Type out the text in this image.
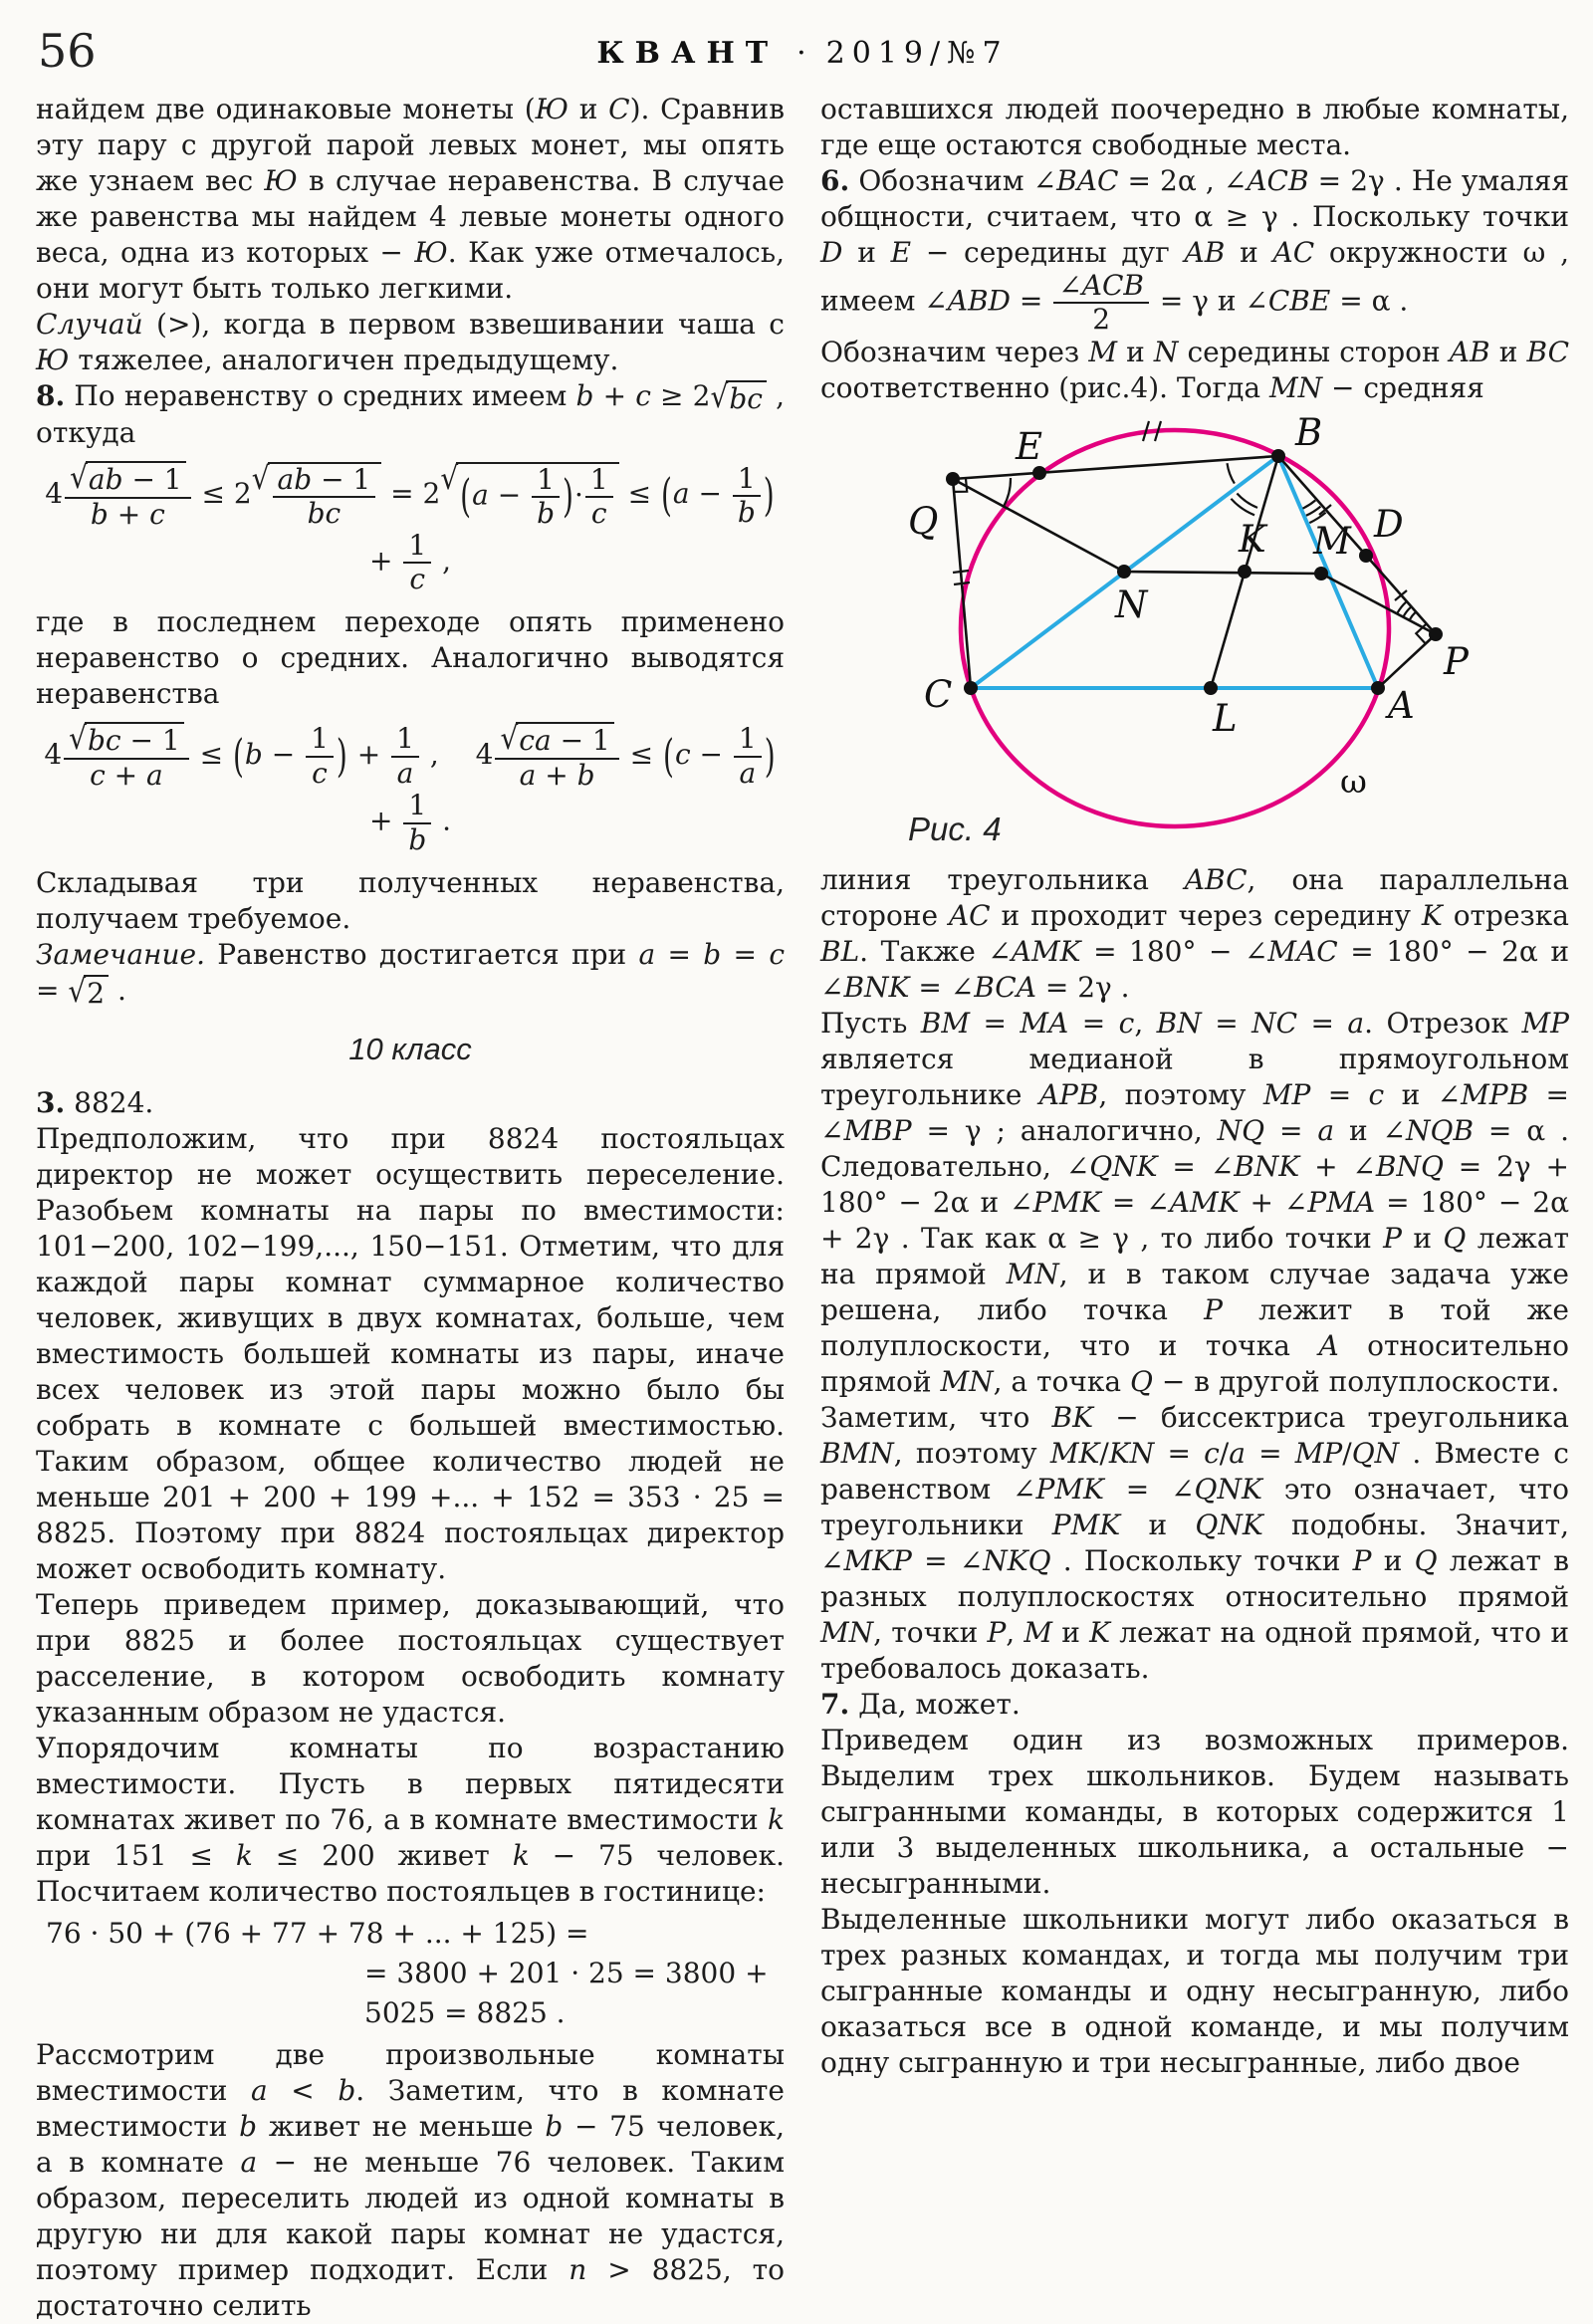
56	КВАНТ · 2019/№7
найдем две одинаковые монеты (Ю и С). Сравнив эту пару с другой парой левых монет, мы опять же узнаем вес Ю в случае неравенства. В случае же равенства мы найдем 4 левые монеты одного веса, одна из которых − Ю. Как уже отмечалось, они могут быть только легкими.
Случай (>), когда в первом взвешивании чаша с Ю тяжелее, аналогичен предыдущему.
8. По неравенству о средних имеем b + c ≥ 2 √ bc , откуда
$4 \frac{√ ab - 1}{b + c} \le 2$ √ $\frac{ab - 1}{bc} = 2$ √ ($a - \frac{1}{b}$ )· $\frac{1}{c} \le (a - \frac{1}{b}$ ) + $\frac{1}{c}$ ,
где в последнем переходе опять применено неравенство о средних. Аналогично выводятся неравенства
$4 \frac{√ bc - 1}{c + a} \le (b - \frac{1}{c}$ ) + $\frac{1}{a}$ ,  $4 \frac{√ ca - 1}{a + b} \le (c - \frac{1}{a}$ ) + $\frac{1}{b}$ .
Складывая три полученных неравенства, получаем требуемое.
Замечание. Равенство достигается при a = b = c = √ 2 .
10 класс
3. 8824.
Предположим, что при 8824 постояльцах директор не может осуществить переселение. Разобьем комнаты на пары по вместимости: 101−200, 102−199,..., 150−151. Отметим, что для каждой пары комнат суммарное количество человек, живущих в двух комнатах, больше, чем вместимость большей комнаты из пары, иначе всех человек из этой пары можно было бы собрать в комнате с большей вместимостью. Таким образом, общее количество людей не меньше 201 + 200 + 199 +... + 152 = 353 · 25 = 8825. Поэтому при 8824 постояльцах директор может освободить комнату.
Теперь приведем пример, доказывающий, что при 8825 и более постояльцах существует расселение, в котором освободить комнату указанным образом не удастся.
Упорядочим комнаты по возрастанию вместимости. Пусть в первых пятидесяти комнатах живет по 76, а в комнате вместимости k при 151 ≤ k ≤ 200 живет k − 75 человек. Посчитаем количество постояльцев в гостинице:
76 · 50 + (76 + 77 + 78 + ... + 125) =
= 3800 + 201 · 25 = 3800 + 5025 = 8825 .
Рассмотрим две произвольные комнаты вместимости a < b. Заметим, что в комнате вместимости b живет не меньше b − 75 человек, а в комнате a − не меньше 76 человек. Таким образом, переселить людей из одной комнаты в другую ни для какой пары комнат не удастся, поэтому пример подходит. Если n > 8825, то достаточно селить
оставшихся людей поочередно в любые комнаты, где еще остаются свободные места.
6. Обозначим ∠BAC = 2α , ∠ACB = 2γ . Не умаляя общности, считаем, что α ≥ γ . Поскольку точки D и E − середины дуг AB и AC окружности ω , имеем ∠ABD = $\frac{\text{∠ACB}}{2} = \gamma$ и ∠CBE = α .
Обозначим через M и N середины сторон AB и BC соответственно (рис.4). Тогда MN − средняя
Q
E	B
D
M
K
N
C
L	A
P
ω
Рис. 4
линия треугольника ABC, она параллельна стороне AC и проходит через середину K отрезка BL. Также ∠AMK = 180° − ∠MAC = 180° − 2α и ∠BNK = ∠BCA = 2γ .
Пусть BM = MA = c, BN = NC = a. Отрезок MP является медианой в прямоугольном треугольнике APB, поэтому MP = c и ∠MPB = ∠MBP = γ ; аналогично, NQ = a и ∠NQB = α . Следовательно, ∠QNK = ∠BNK + ∠BNQ = 2γ + 180° − 2α и ∠PMK = ∠AMK + ∠PMA = 180° − 2α + 2γ . Так как α ≥ γ , то либо точки P и Q лежат на прямой MN, и в таком случае задача уже решена, либо точка P лежит в той же полуплоскости, что и точка A относительно прямой MN, а точка Q − в другой полуплоскости.
Заметим, что BK − биссектриса треугольника BMN, поэтому MK/KN = c/a = MP/QN . Вместе с равенством ∠PMK = ∠QNK это означает, что треугольники PMK и QNK подобны. Значит, ∠MKP = ∠NKQ . Поскольку точки P и Q лежат в разных полуплоскостях относительно прямой MN, точки P, M и K лежат на одной прямой, что и требовалось доказать.
7. Да, может.
Приведем один из возможных примеров. Выделим трех школьников. Будем называть сыгранными команды, в которых содержится 1 или 3 выделенных школьника, а остальные − несыгранными.
Выделенные школьники могут либо оказаться в трех разных командах, и тогда мы получим три сыгранные команды и одну несыгранную, либо оказаться все в одной команде, и мы получим одну сыгранную и три несыгранные, либо двое
